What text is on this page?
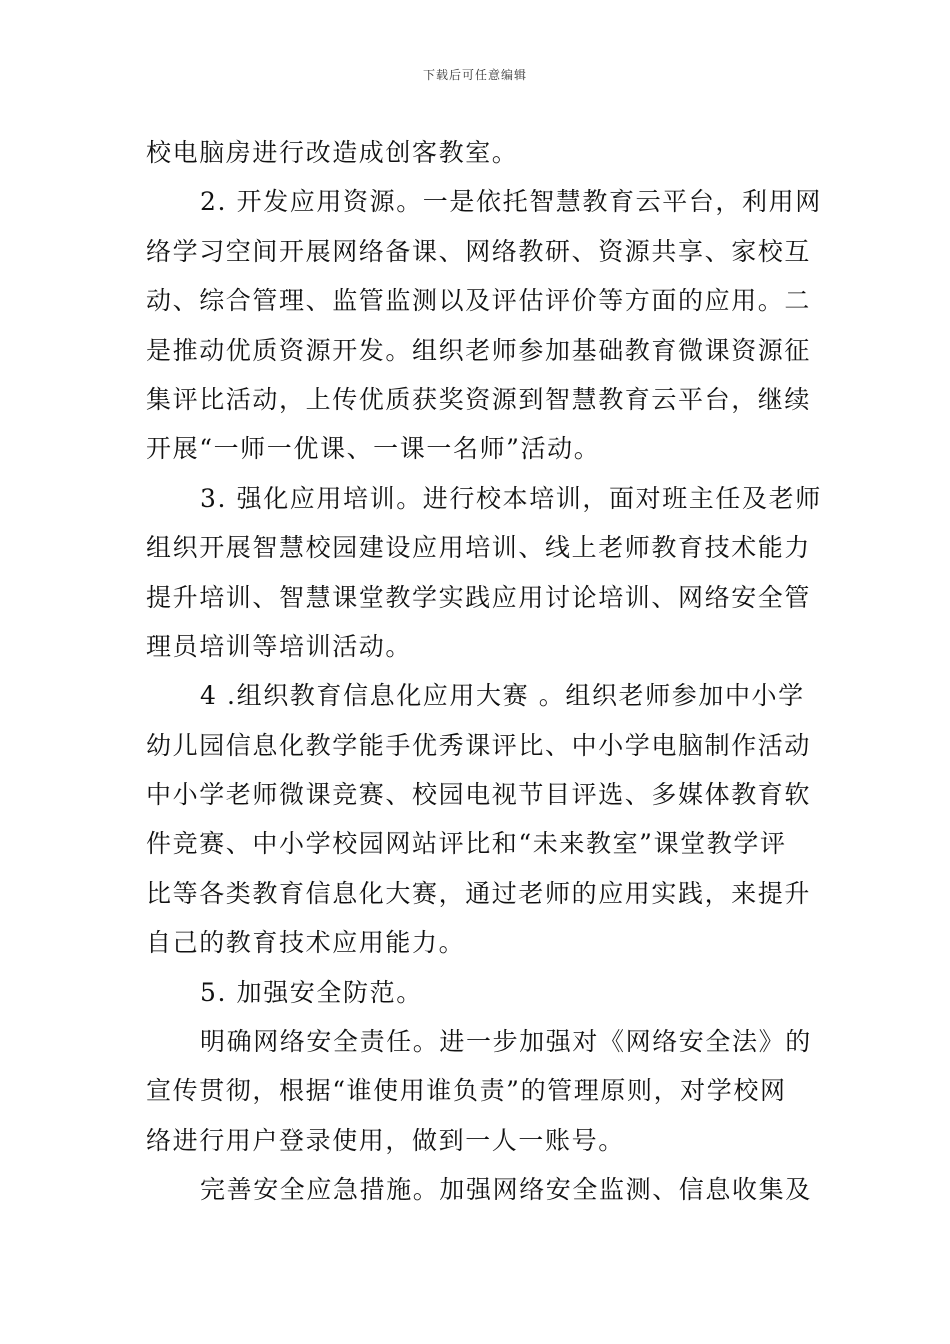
下载后可任意编辑
校电脑房进行改造成创客教室。
2. 开发应用资源。一是依托智慧教育云平台，利用网
络学习空间开展网络备课、网络教研、资源共享、家校互
动、综合管理、监管监测以及评估评价等方面的应用。二
是推动优质资源开发。组织老师参加基础教育微课资源征
集评比活动，上传优质获奖资源到智慧教育云平台，继续
开展“一师一优课、一课一名师”活动。
3. 强化应用培训。进行校本培训，面对班主任及老师
组织开展智慧校园建设应用培训、线上老师教育技术能力
提升培训、智慧课堂教学实践应用讨论培训、网络安全管
理员培训等培训活动。
4 .组织教育信息化应用大赛 。组织老师参加中小学
幼儿园信息化教学能手优秀课评比、中小学电脑制作活动
中小学老师微课竞赛、校园电视节目评选、多媒体教育软
件竞赛、中小学校园网站评比和“未来教室”课堂教学评
比等各类教育信息化大赛，通过老师的应用实践，来提升
自己的教育技术应用能力。
5. 加强安全防范。
明确网络安全责任。进一步加强对《网络安全法》的
宣传贯彻，根据“谁使用谁负责”的管理原则，对学校网
络进行用户登录使用，做到一人一账号。
完善安全应急措施。加强网络安全监测、信息收集及
